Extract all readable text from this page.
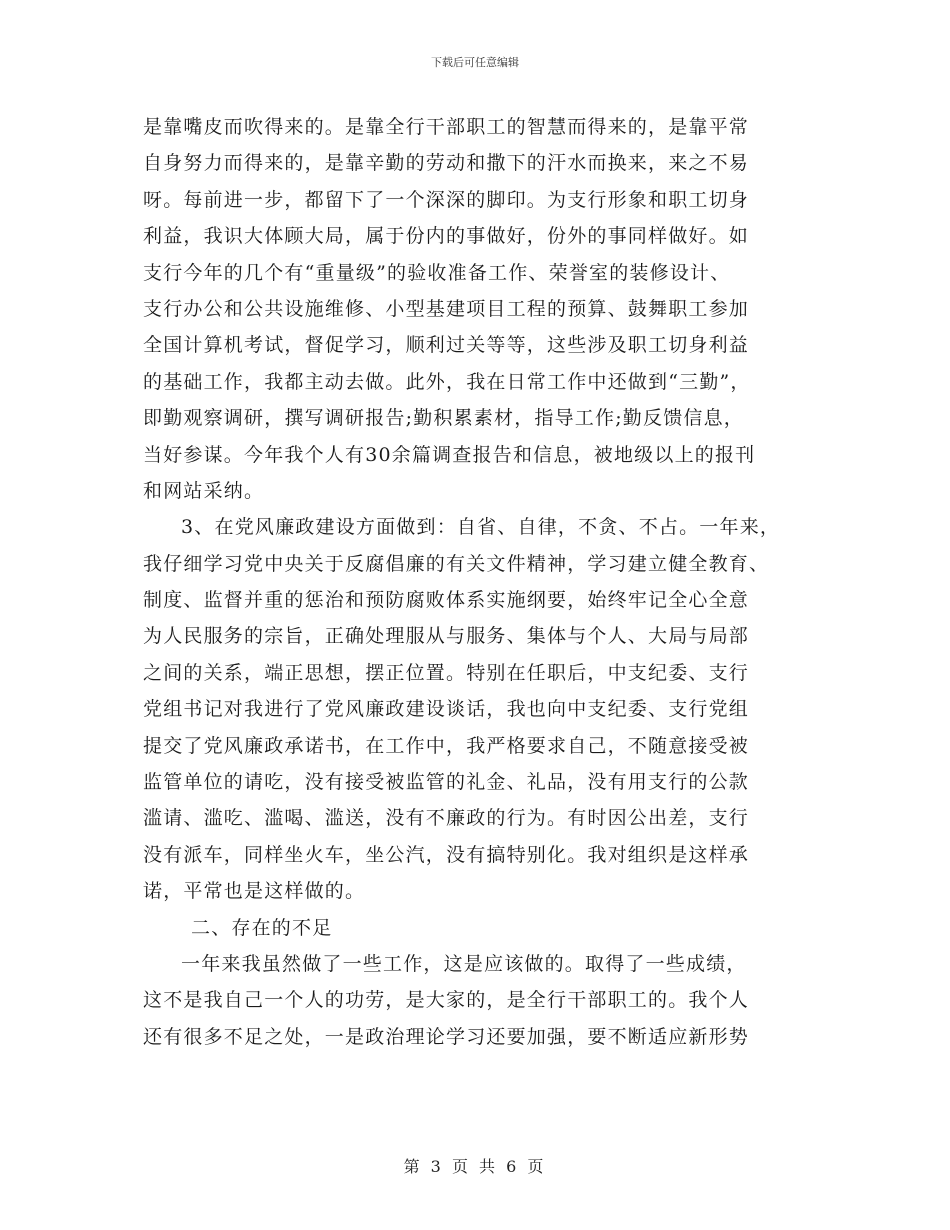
下载后可任意编辑
是靠嘴皮而吹得来的。是靠全行干部职工的智慧而得来的，是靠平常
自身努力而得来的，是靠辛勤的劳动和撒下的汗水而换来，来之不易
呀。每前进一步，都留下了一个深深的脚印。为支行形象和职工切身
利益，我识大体顾大局，属于份内的事做好，份外的事同样做好。如
支行今年的几个有“重量级”的验收准备工作、荣誉室的装修设计、
支行办公和公共设施维修、小型基建项目工程的预算、鼓舞职工参加
全国计算机考试，督促学习，顺利过关等等，这些涉及职工切身利益
的基础工作，我都主动去做。此外，我在日常工作中还做到“三勤”，
即勤观察调研，撰写调研报告;勤积累素材，指导工作;勤反馈信息，
当好参谋。今年我个人有30余篇调查报告和信息，被地级以上的报刊
和网站采纳。
3、在党风廉政建设方面做到：自省、自律，不贪、不占。一年来，
我仔细学习党中央关于反腐倡廉的有关文件精神，学习建立健全教育、
制度、监督并重的惩治和预防腐败体系实施纲要，始终牢记全心全意
为人民服务的宗旨，正确处理服从与服务、集体与个人、大局与局部
之间的关系，端正思想，摆正位置。特别在任职后，中支纪委、支行
党组书记对我进行了党风廉政建设谈话，我也向中支纪委、支行党组
提交了党风廉政承诺书，在工作中，我严格要求自己，不随意接受被
监管单位的请吃，没有接受被监管的礼金、礼品，没有用支行的公款
滥请、滥吃、滥喝、滥送，没有不廉政的行为。有时因公出差，支行
没有派车，同样坐火车，坐公汽，没有搞特别化。我对组织是这样承
诺，平常也是这样做的。
二、存在的不足
一年来我虽然做了一些工作，这是应该做的。取得了一些成绩，
这不是我自己一个人的功劳，是大家的，是全行干部职工的。我个人
还有很多不足之处，一是政治理论学习还要加强，要不断适应新形势
第 3 页 共 6 页
